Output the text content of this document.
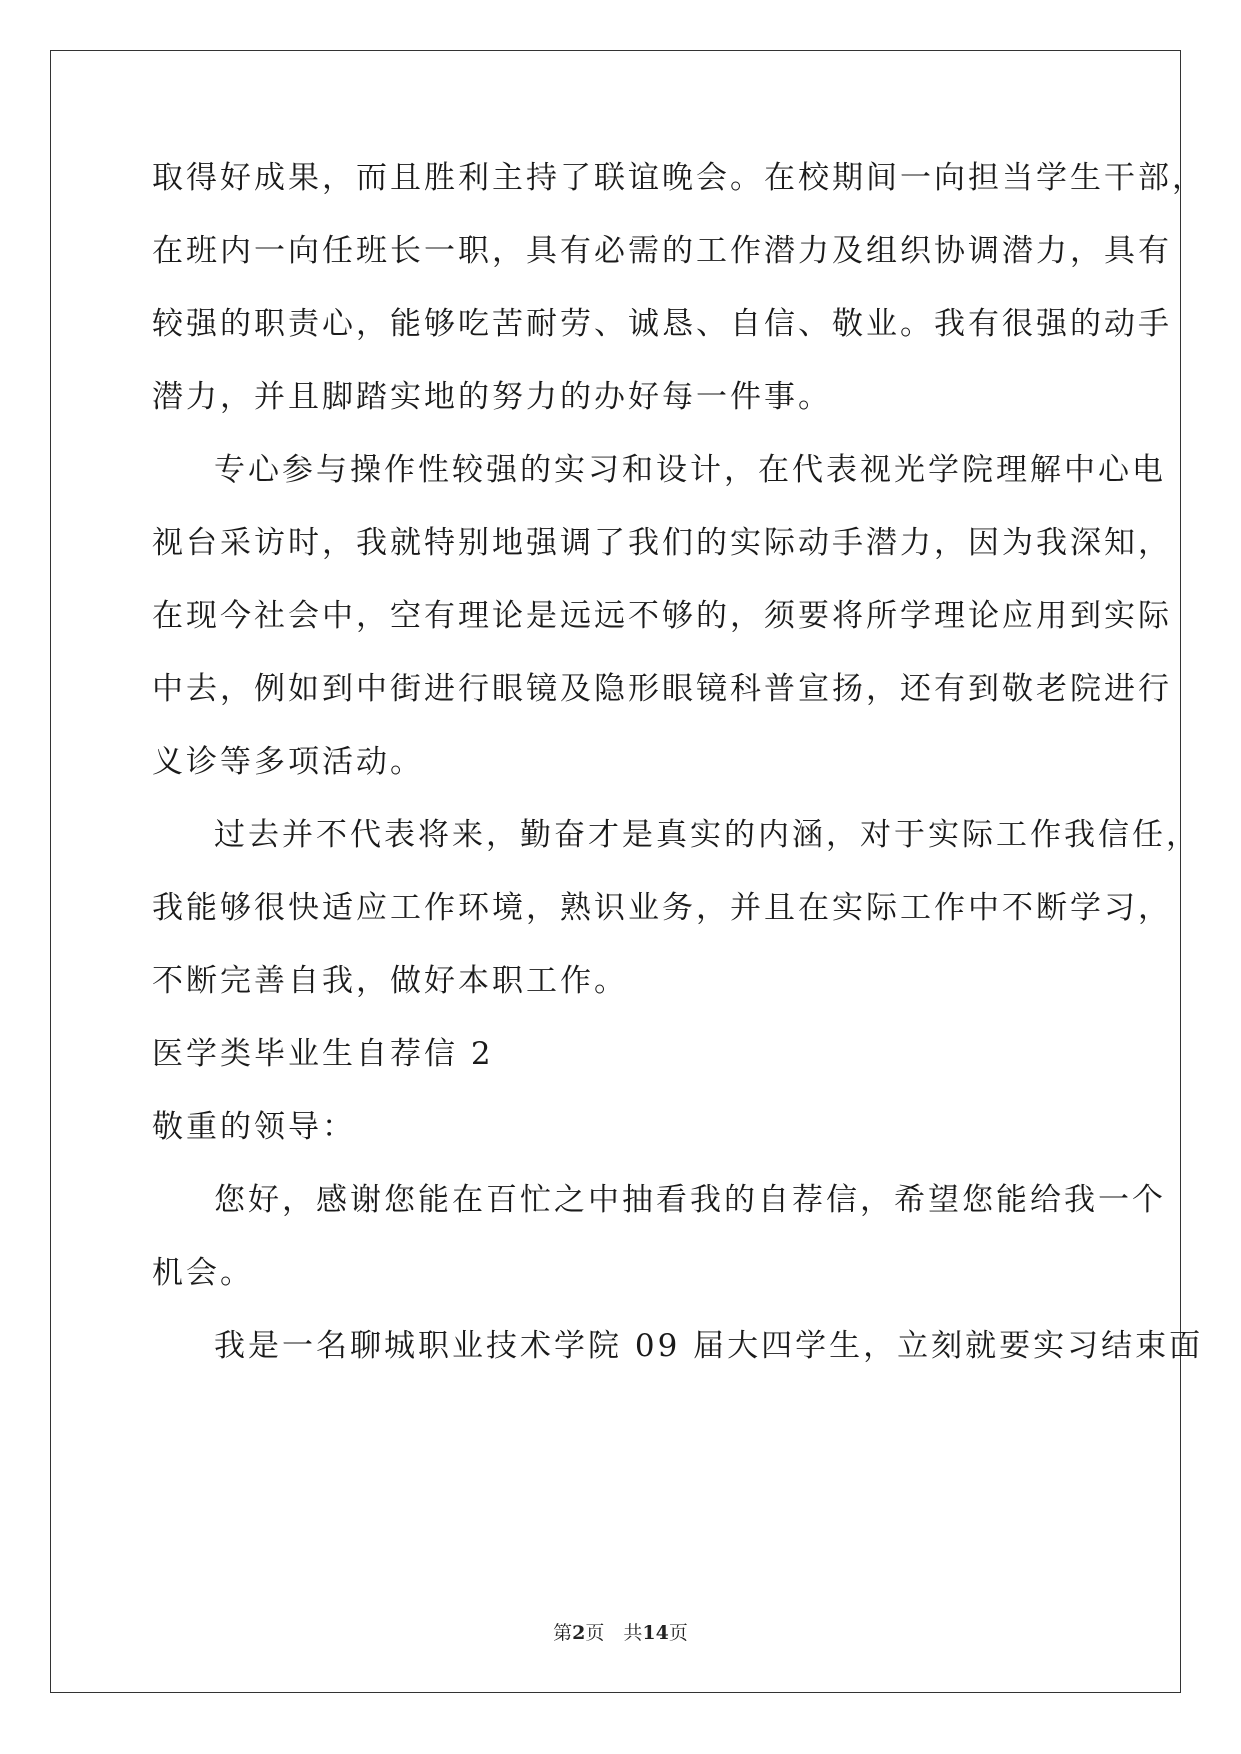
取得好成果，而且胜利主持了联谊晚会。在校期间一向担当学生干部，
在班内一向任班长一职，具有必需的工作潜力及组织协调潜力，具有
较强的职责心，能够吃苦耐劳、诚恳、自信、敬业。我有很强的动手
潜力，并且脚踏实地的努力的办好每一件事。
专心参与操作性较强的实习和设计，在代表视光学院理解中心电
视台采访时，我就特别地强调了我们的实际动手潜力，因为我深知，
在现今社会中，空有理论是远远不够的，须要将所学理论应用到实际
中去，例如到中街进行眼镜及隐形眼镜科普宣扬，还有到敬老院进行
义诊等多项活动。
过去并不代表将来，勤奋才是真实的内涵，对于实际工作我信任，
我能够很快适应工作环境，熟识业务，并且在实际工作中不断学习，
不断完善自我，做好本职工作。
医学类毕业生自荐信 2
敬重的领导：
您好，感谢您能在百忙之中抽看我的自荐信，希望您能给我一个
机会。
我是一名聊城职业技术学院 09 届大四学生，立刻就要实习结束面
第2页　共14页
